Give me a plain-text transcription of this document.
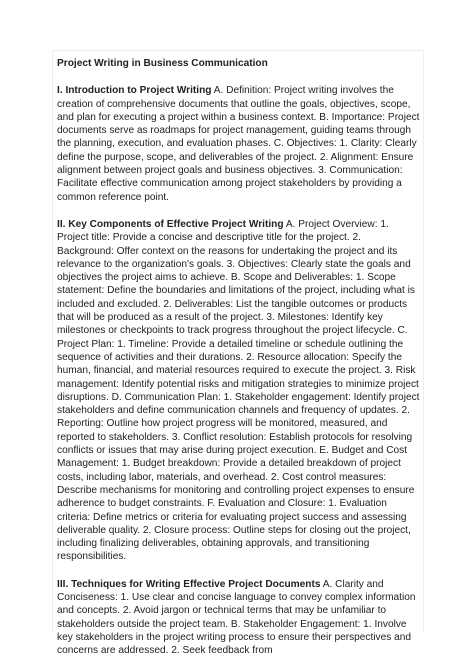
Project Writing in Business Communication

I. Introduction to Project Writing A. Definition: Project writing involves the creation of comprehensive documents that outline the goals, objectives, scope, and plan for executing a project within a business context. B. Importance: Project documents serve as roadmaps for project management, guiding teams through the planning, execution, and evaluation phases. C. Objectives: 1. Clarity: Clearly define the purpose, scope, and deliverables of the project. 2. Alignment: Ensure alignment between project goals and business objectives. 3. Communication: Facilitate effective communication among project stakeholders by providing a common reference point.

II. Key Components of Effective Project Writing A. Project Overview: 1. Project title: Provide a concise and descriptive title for the project. 2. Background: Offer context on the reasons for undertaking the project and its relevance to the organization's goals. 3. Objectives: Clearly state the goals and objectives the project aims to achieve. B. Scope and Deliverables: 1. Scope statement: Define the boundaries and limitations of the project, including what is included and excluded. 2. Deliverables: List the tangible outcomes or products that will be produced as a result of the project. 3. Milestones: Identify key milestones or checkpoints to track progress throughout the project lifecycle. C. Project Plan: 1. Timeline: Provide a detailed timeline or schedule outlining the sequence of activities and their durations. 2. Resource allocation: Specify the human, financial, and material resources required to execute the project. 3. Risk management: Identify potential risks and mitigation strategies to minimize project disruptions. D. Communication Plan: 1. Stakeholder engagement: Identify project stakeholders and define communication channels and frequency of updates. 2. Reporting: Outline how project progress will be monitored, measured, and reported to stakeholders. 3. Conflict resolution: Establish protocols for resolving conflicts or issues that may arise during project execution. E. Budget and Cost Management: 1. Budget breakdown: Provide a detailed breakdown of project costs, including labor, materials, and overhead. 2. Cost control measures: Describe mechanisms for monitoring and controlling project expenses to ensure adherence to budget constraints. F. Evaluation and Closure: 1. Evaluation criteria: Define metrics or criteria for evaluating project success and assessing deliverable quality. 2. Closure process: Outline steps for closing out the project, including finalizing deliverables, obtaining approvals, and transitioning responsibilities.

III. Techniques for Writing Effective Project Documents A. Clarity and Conciseness: 1. Use clear and concise language to convey complex information and concepts. 2. Avoid jargon or technical terms that may be unfamiliar to stakeholders outside the project team. B. Stakeholder Engagement: 1. Involve key stakeholders in the project writing process to ensure their perspectives and concerns are addressed. 2. Seek feedback from
